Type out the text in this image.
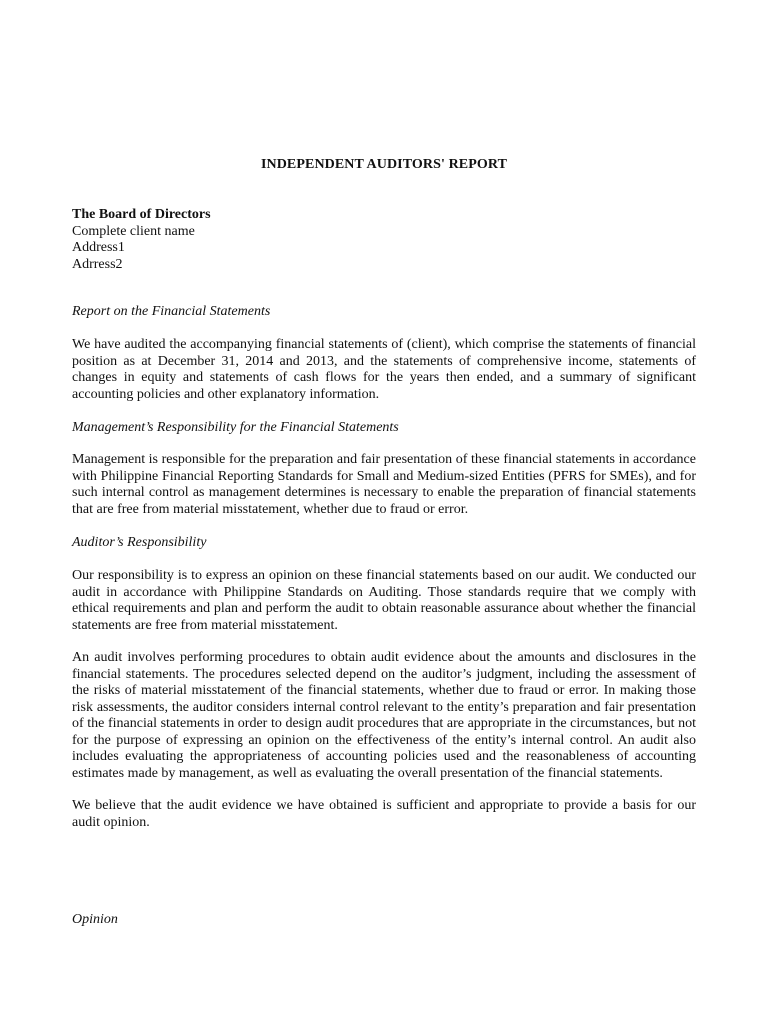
INDEPENDENT AUDITORS' REPORT
The Board of Directors
Complete client name
Address1
Adrress2
Report on the Financial Statements
We have audited the accompanying financial statements of (client), which comprise the statements of financial position as at December 31, 2014 and 2013, and the statements of comprehensive income, statements of changes in equity and statements of cash flows for the years then ended, and a summary of significant accounting policies and other explanatory information.
Management’s Responsibility for the Financial Statements
Management is responsible for the preparation and fair presentation of these financial statements in accordance with Philippine Financial Reporting Standards for Small and Medium-sized Entities (PFRS for SMEs), and for such internal control as management determines is necessary to enable the preparation of financial statements that are free from material misstatement, whether due to fraud or error.
Auditor’s Responsibility
Our responsibility is to express an opinion on these financial statements based on our audit. We conducted our audit in accordance with Philippine Standards on Auditing. Those standards require that we comply with ethical requirements and plan and perform the audit to obtain reasonable assurance about whether the financial statements are free from material misstatement.
An audit involves performing procedures to obtain audit evidence about the amounts and disclosures in the financial statements. The procedures selected depend on the auditor’s judgment, including the assessment of the risks of material misstatement of the financial statements, whether due to fraud or error. In making those risk assessments, the auditor considers internal control relevant to the entity’s preparation and fair presentation of the financial statements in order to design audit procedures that are appropriate in the circumstances, but not for the purpose of expressing an opinion on the effectiveness of the entity’s internal control. An audit also includes evaluating the appropriateness of accounting policies used and the reasonableness of accounting estimates made by management, as well as evaluating the overall presentation of the financial statements.
We believe that the audit evidence we have obtained is sufficient and appropriate to provide a basis for our audit opinion.
Opinion
